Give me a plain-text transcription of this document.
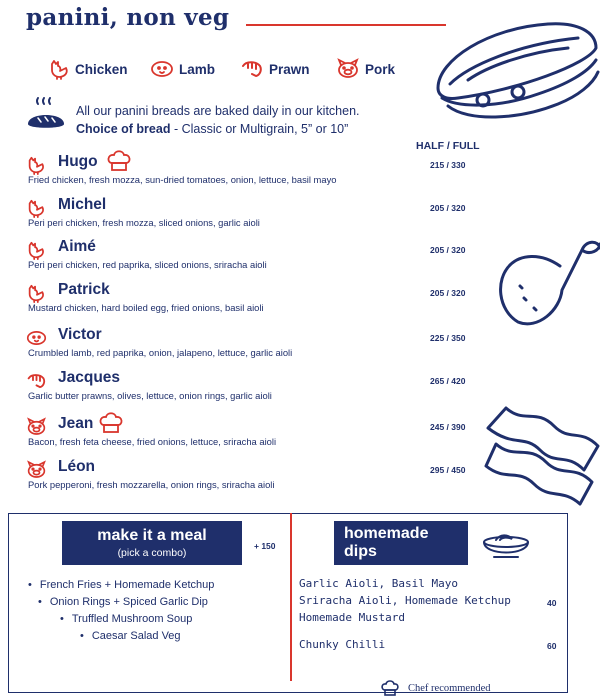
panini, non veg
Chicken	Lamb	Prawn	Pork
All our panini breads are baked daily in our kitchen.
Choice of bread - Classic or Multigrain, 5” or 10”
HALF / FULL
Hugo
Fried chicken, fresh mozza, sun-dried tomatoes, onion, lettuce, basil mayo
215 / 330
Michel
Peri peri chicken, fresh mozza, sliced onions, garlic aioli
205 / 320
Aimé
Peri peri chicken, red paprika, sliced onions, sriracha aioli
205 / 320
Patrick
Mustard chicken, hard boiled egg, fried onions, basil aioli
205 / 320
Victor
Crumbled lamb, red paprika, onion, jalapeno, lettuce, garlic aioli
225 / 350
Jacques
Garlic butter prawns, olives, lettuce, onion rings, garlic aioli
265 / 420
Jean
Bacon, fresh feta cheese, fried onions, lettuce, sriracha aioli
245 / 390
Léon
Pork pepperoni, fresh mozzarella, onion rings, sriracha aioli
295 / 450
make it a meal
(pick a combo)
+ 150
• French Fries + Homemade Ketchup
• Onion Rings + Spiced Garlic Dip
• Truffled Mushroom Soup
• Caesar Salad Veg
homemade
dips
Garlic Aioli, Basil Mayo
Sriracha Aioli, Homemade Ketchup
Homemade Mustard
40
Chunky Chilli	60
Chef recommended
